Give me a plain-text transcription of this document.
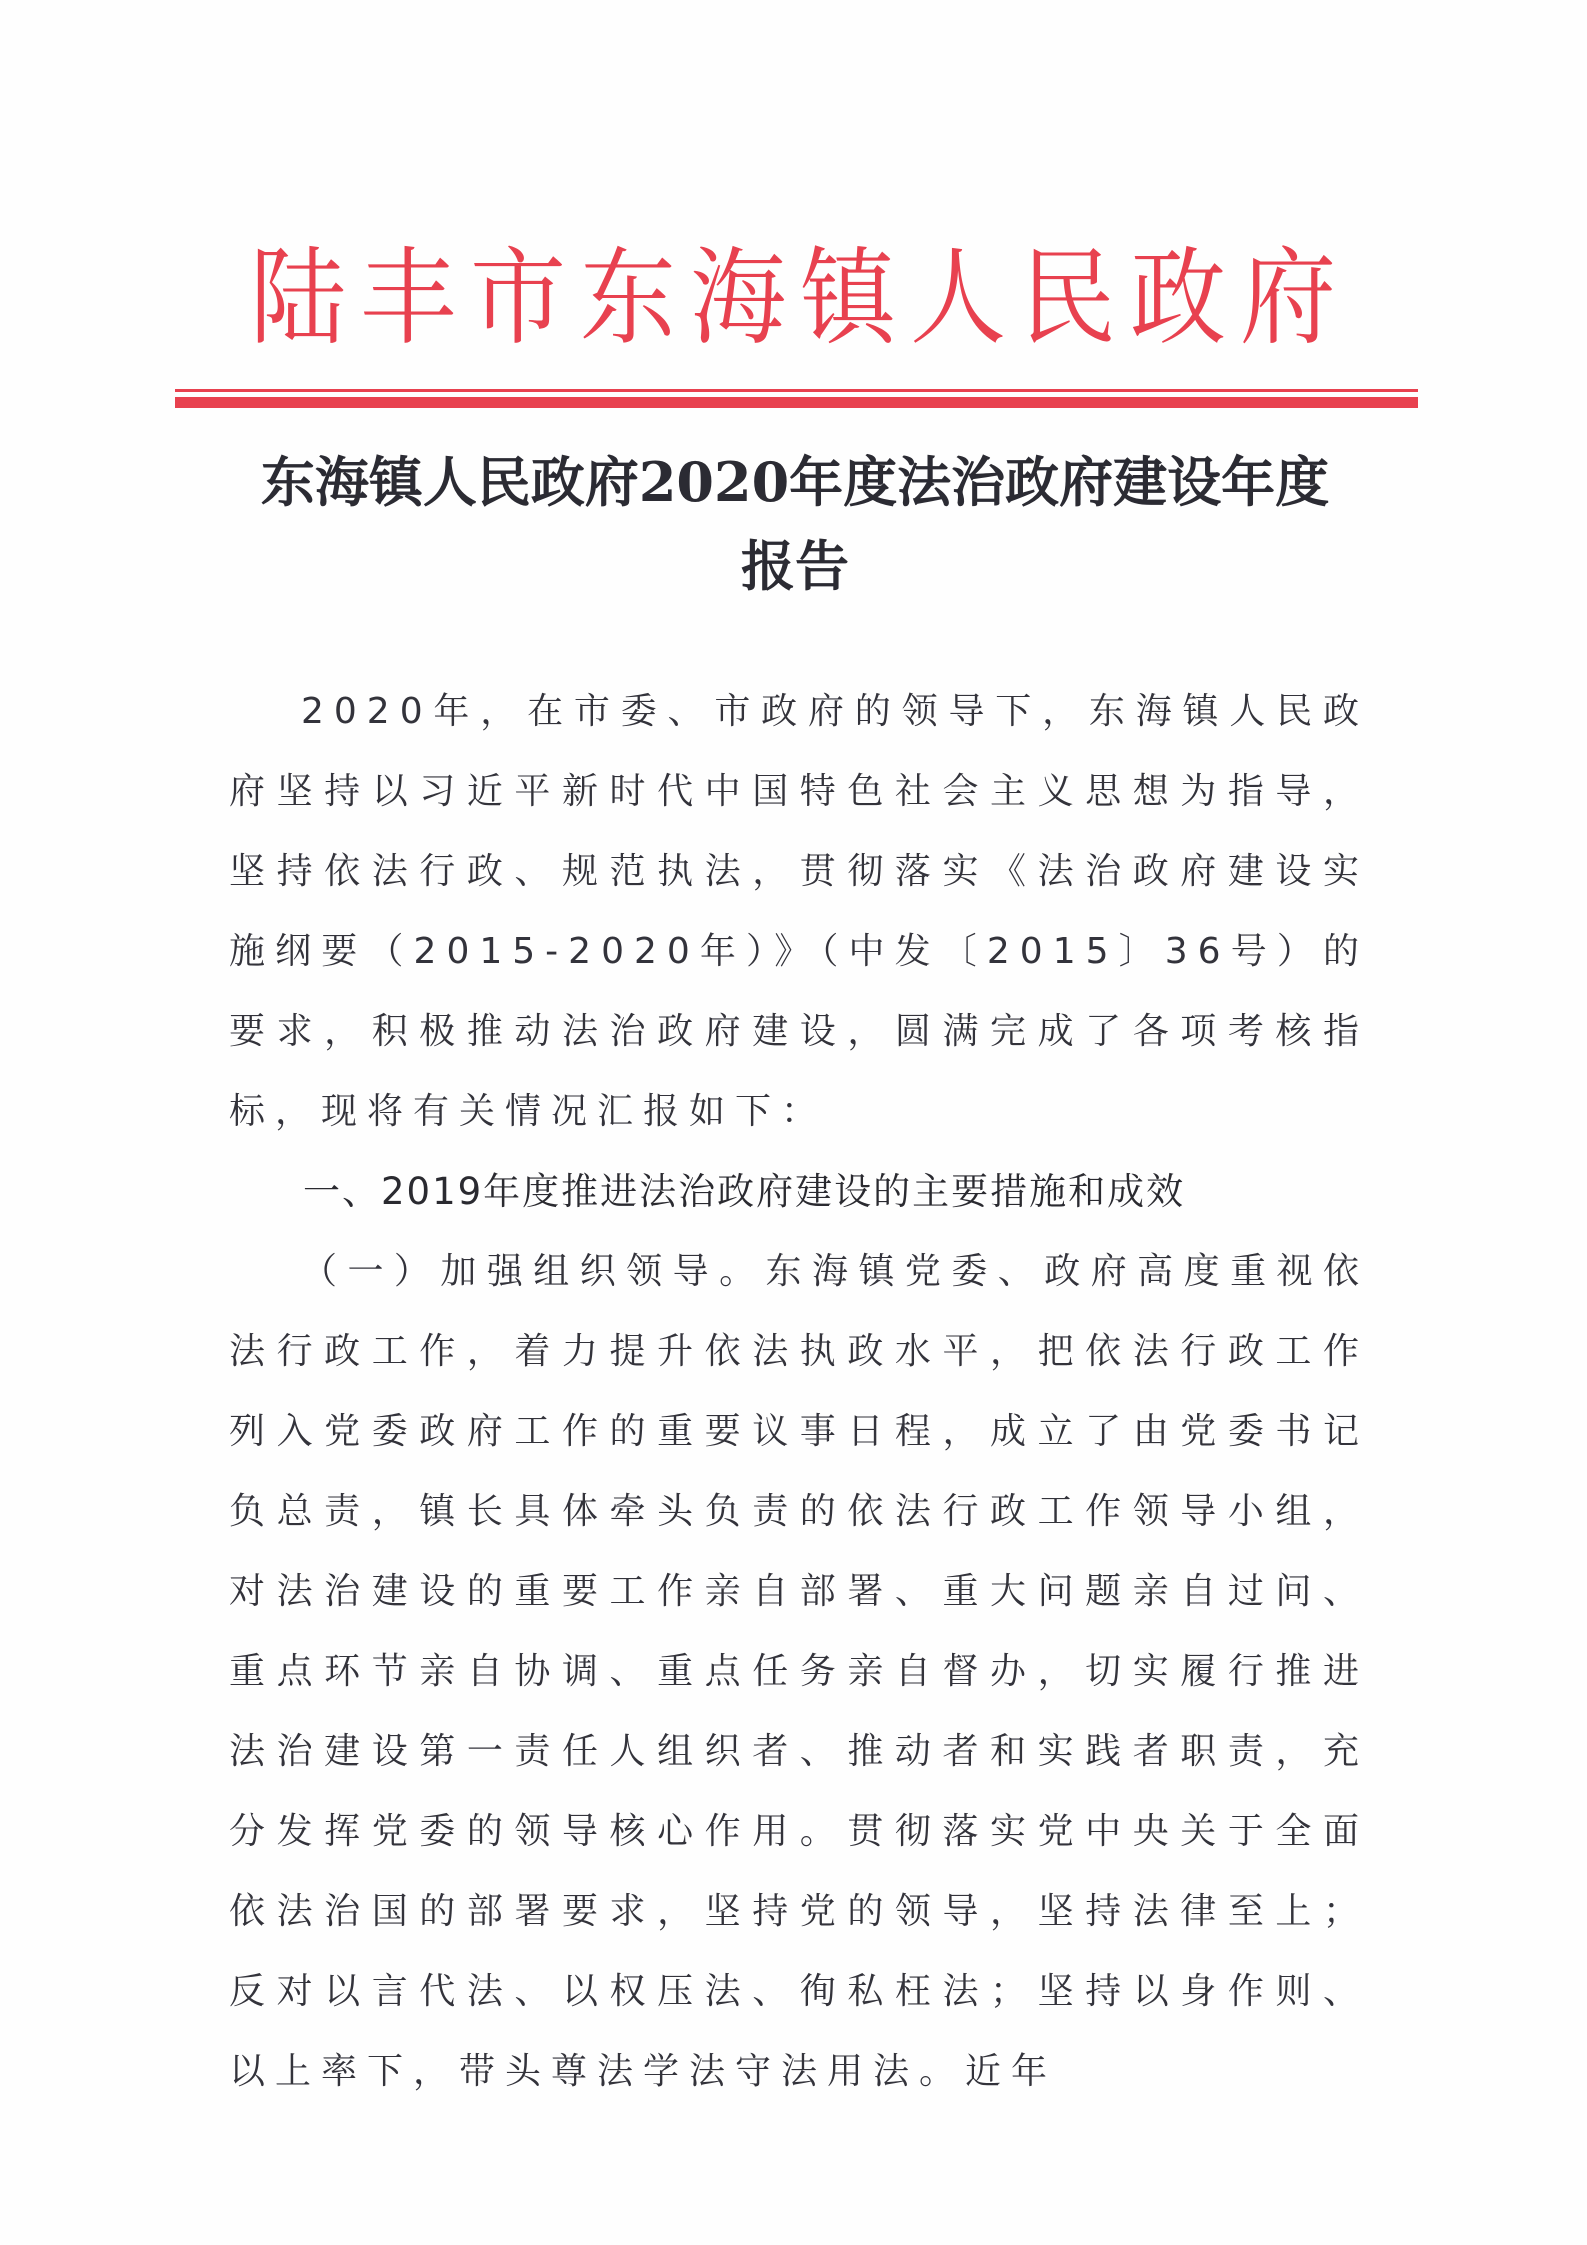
陆丰市东海镇人民政府
东海镇人民政府2020年度法治政府建设年度
报告

2020年，在市委、市政府的领导下，东海镇人民政府坚持以习近平新时代中国特色社会主义思想为指导，坚持依法行政、规范执法，贯彻落实《法治政府建设实施纲要（2015-2020年）》（中发〔2015〕36号）的要求，积极推动法治政府建设，圆满完成了各项考核指标，现将有关情况汇报如下：

一、2019年度推进法治政府建设的主要措施和成效

（一）加强组织领导。东海镇党委、政府高度重视依法行政工作，着力提升依法执政水平，把依法行政工作列入党委政府工作的重要议事日程，成立了由党委书记负总责，镇长具体牵头负责的依法行政工作领导小组，对法治建设的重要工作亲自部署、重大问题亲自过问、重点环节亲自协调、重点任务亲自督办，切实履行推进法治建设第一责任人组织者、推动者和实践者职责，充分发挥党委的领导核心作用。贯彻落实党中央关于全面依法治国的部署要求，坚持党的领导，坚持法律至上；反对以言代法、以权压法、徇私枉法；坚持以身作则、以上率下，带头尊法学法守法用法。近年
